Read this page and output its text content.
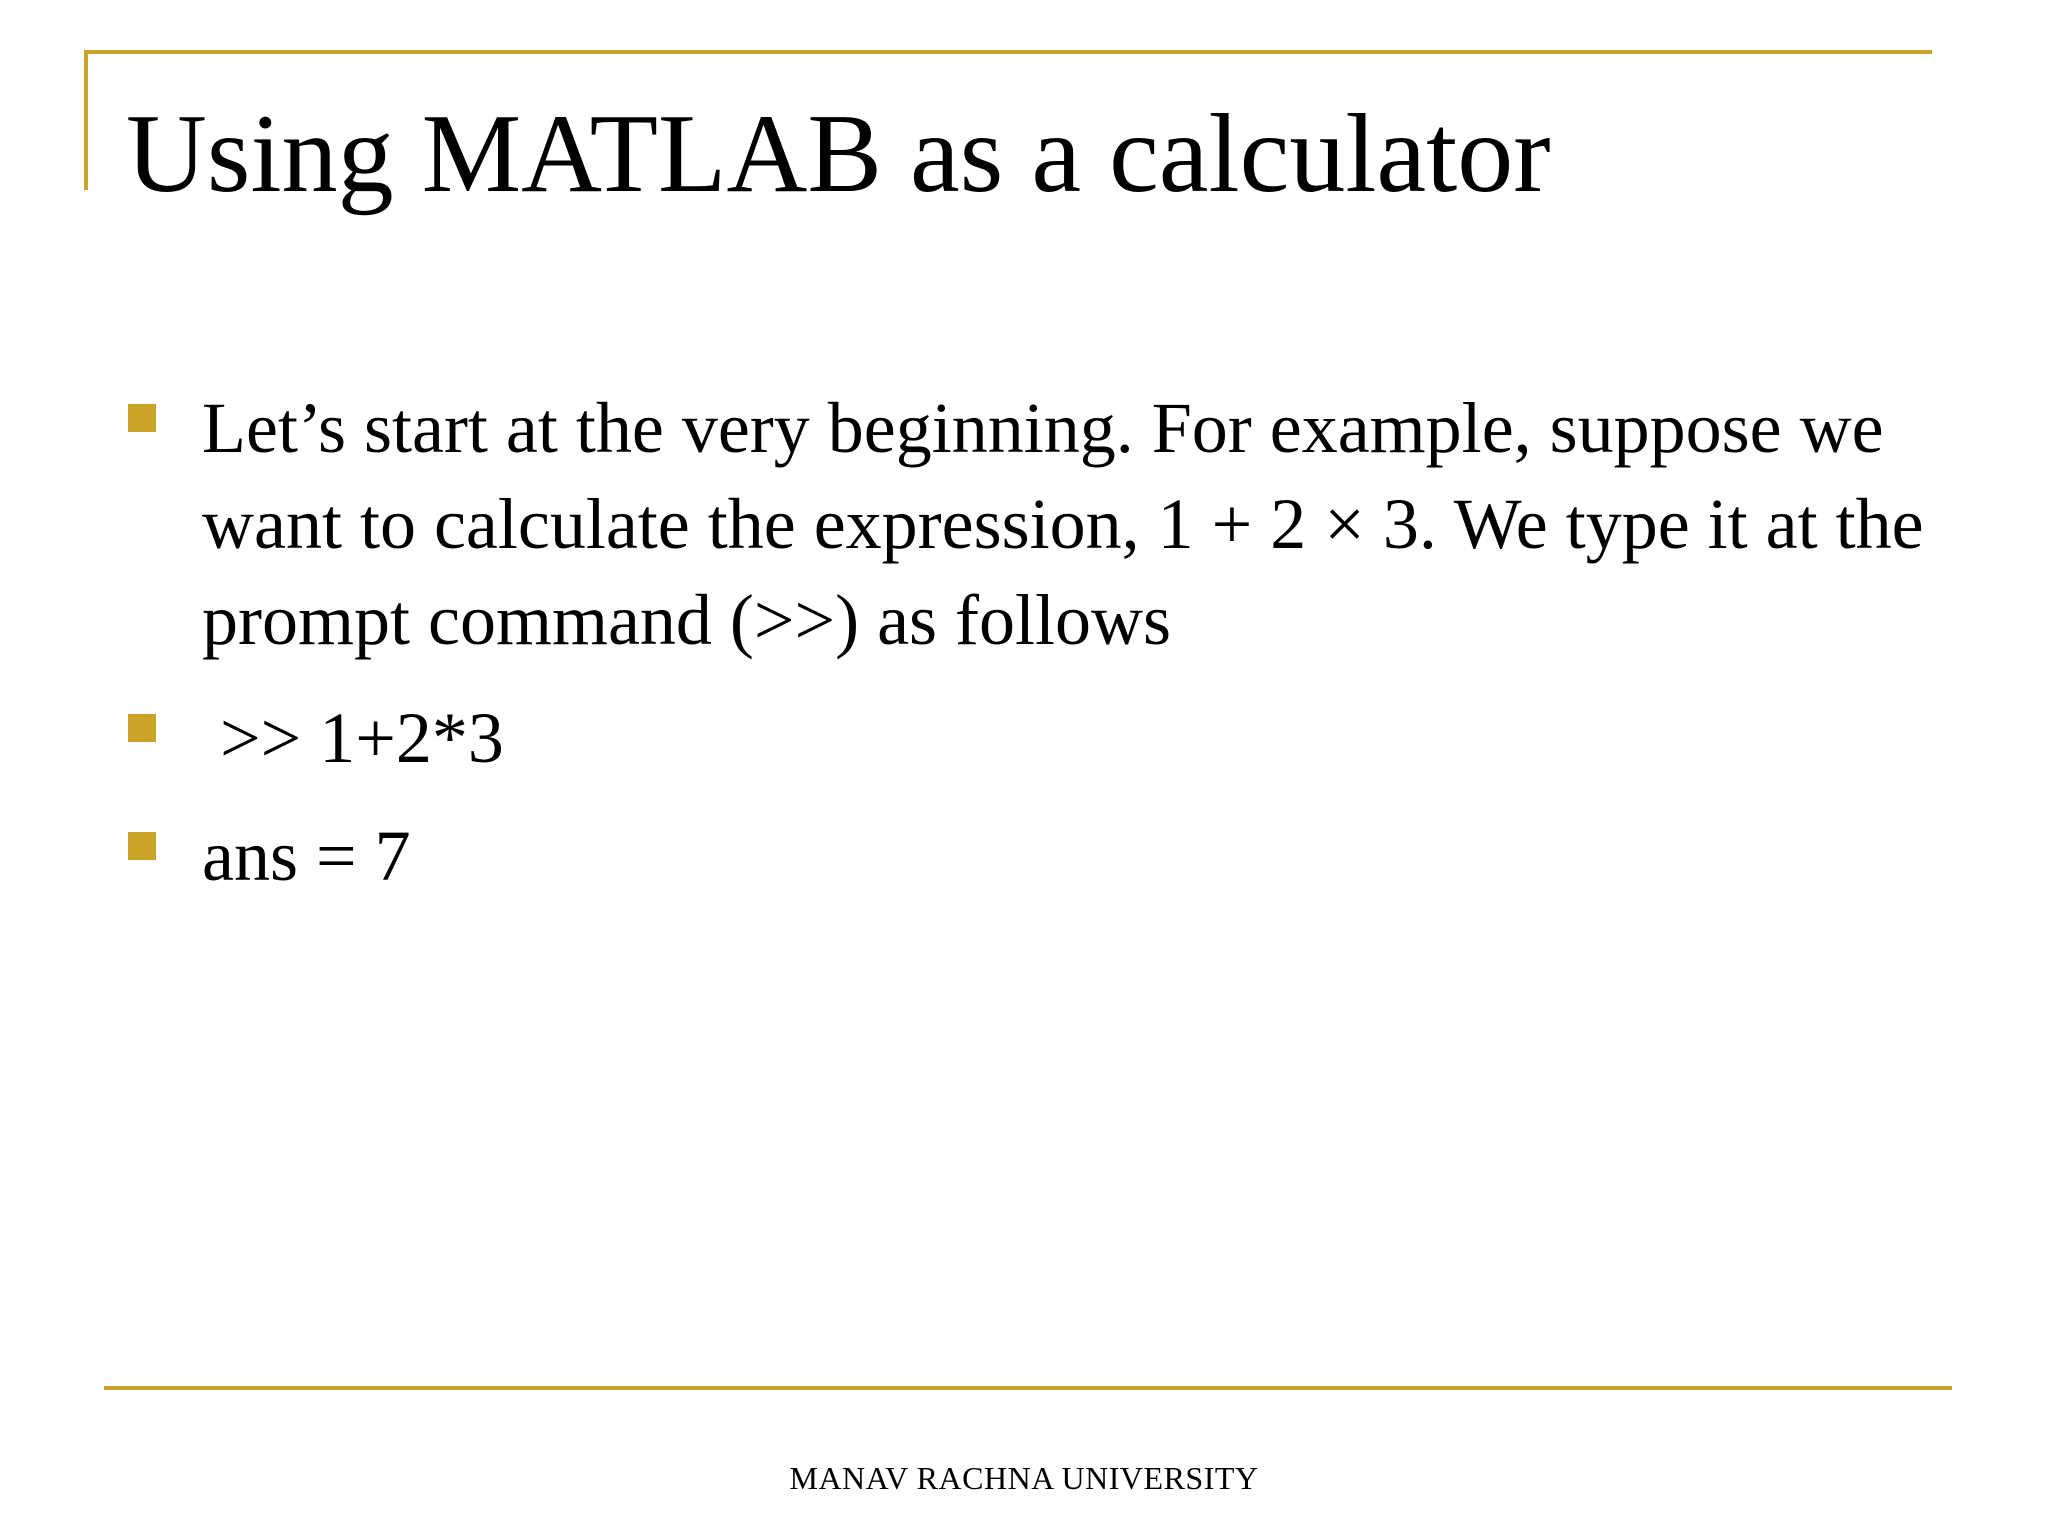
Using MATLAB as a calculator
Let’s start at the very beginning. For example, suppose we want to calculate the expression, 1 + 2 × 3. We type it at the prompt command (>>) as follows
>> 1+2*3
ans = 7
MANAV RACHNA UNIVERSITY
